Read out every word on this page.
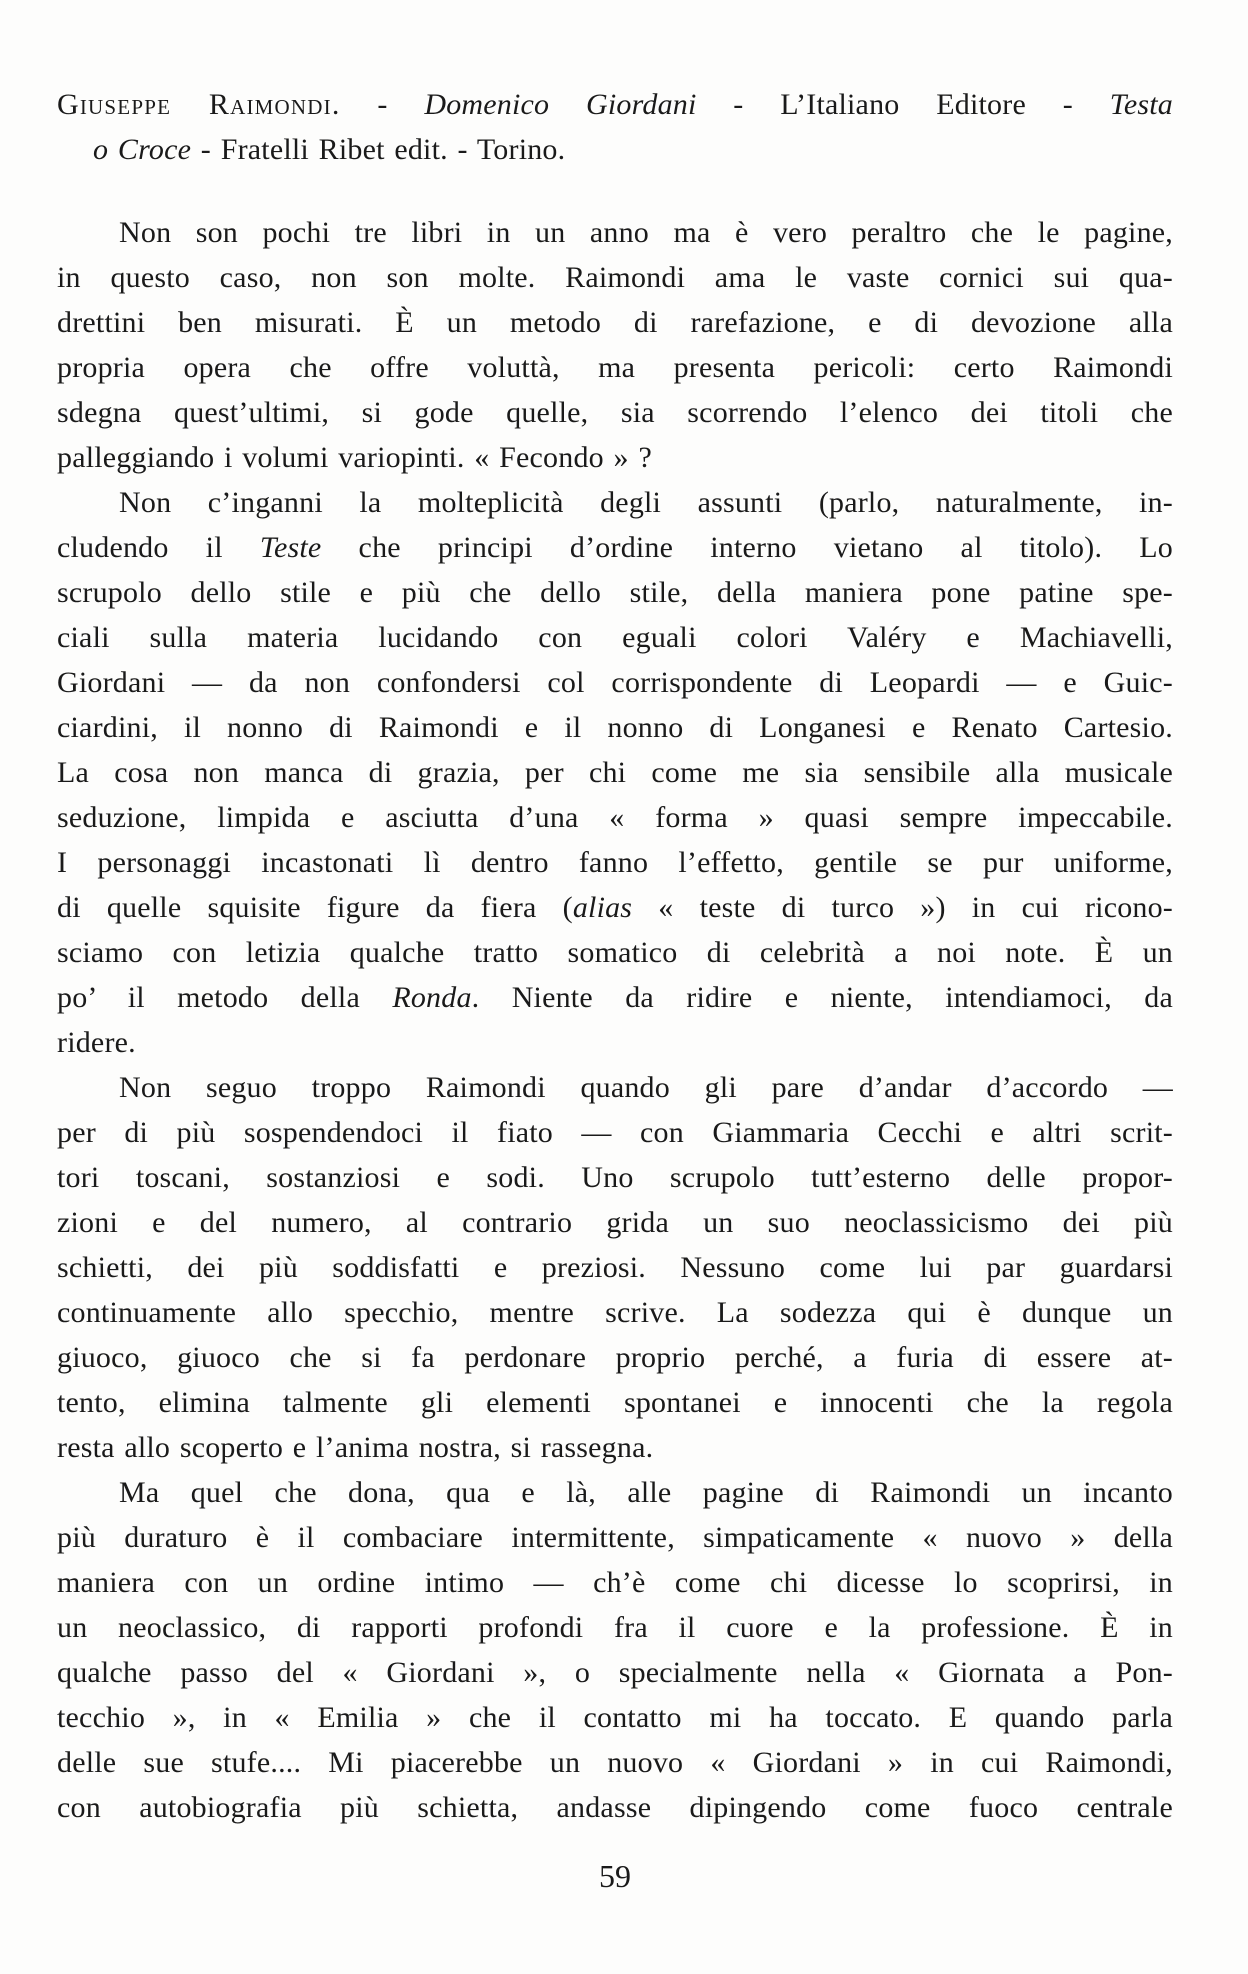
Giuseppe Raimondi. - Domenico Giordani - L’Italiano Editore - Testa
o Croce - Fratelli Ribet edit. - Torino.
Non son pochi tre libri in un anno ma è vero peraltro che le pagine,
in questo caso, non son molte. Raimondi ama le vaste cornici sui qua-
drettini ben misurati. È un metodo di rarefazione, e di devozione alla
propria opera che offre voluttà, ma presenta pericoli: certo Raimondi
sdegna quest’ultimi, si gode quelle, sia scorrendo l’elenco dei titoli che
palleggiando i volumi variopinti. « Fecondo » ?
Non c’inganni la molteplicità degli assunti (parlo, naturalmente, in-
cludendo il Teste che principi d’ordine interno vietano al titolo). Lo
scrupolo dello stile e più che dello stile, della maniera pone patine spe-
ciali sulla materia lucidando con eguali colori Valéry e Machiavelli,
Giordani — da non confondersi col corrispondente di Leopardi — e Guic-
ciardini, il nonno di Raimondi e il nonno di Longanesi e Renato Cartesio.
La cosa non manca di grazia, per chi come me sia sensibile alla musicale
seduzione, limpida e asciutta d’una « forma » quasi sempre impeccabile.
I personaggi incastonati lì dentro fanno l’effetto, gentile se pur uniforme,
di quelle squisite figure da fiera (alias « teste di turco ») in cui ricono-
sciamo con letizia qualche tratto somatico di celebrità a noi note. È un
po’ il metodo della Ronda. Niente da ridire e niente, intendiamoci, da
ridere.
Non seguo troppo Raimondi quando gli pare d’andar d’accordo —
per di più sospendendoci il fiato — con Giammaria Cecchi e altri scrit-
tori toscani, sostanziosi e sodi. Uno scrupolo tutt’esterno delle propor-
zioni e del numero, al contrario grida un suo neoclassicismo dei più
schietti, dei più soddisfatti e preziosi. Nessuno come lui par guardarsi
continuamente allo specchio, mentre scrive. La sodezza qui è dunque un
giuoco, giuoco che si fa perdonare proprio perché, a furia di essere at-
tento, elimina talmente gli elementi spontanei e innocenti che la regola
resta allo scoperto e l’anima nostra, si rassegna.
Ma quel che dona, qua e là, alle pagine di Raimondi un incanto
più duraturo è il combaciare intermittente, simpaticamente « nuovo » della
maniera con un ordine intimo — ch’è come chi dicesse lo scoprirsi, in
un neoclassico, di rapporti profondi fra il cuore e la professione. È in
qualche passo del « Giordani », o specialmente nella « Giornata a Pon-
tecchio », in « Emilia » che il contatto mi ha toccato. E quando parla
delle sue stufe.... Mi piacerebbe un nuovo « Giordani » in cui Raimondi,
con autobiografia più schietta, andasse dipingendo come fuoco centrale
59
